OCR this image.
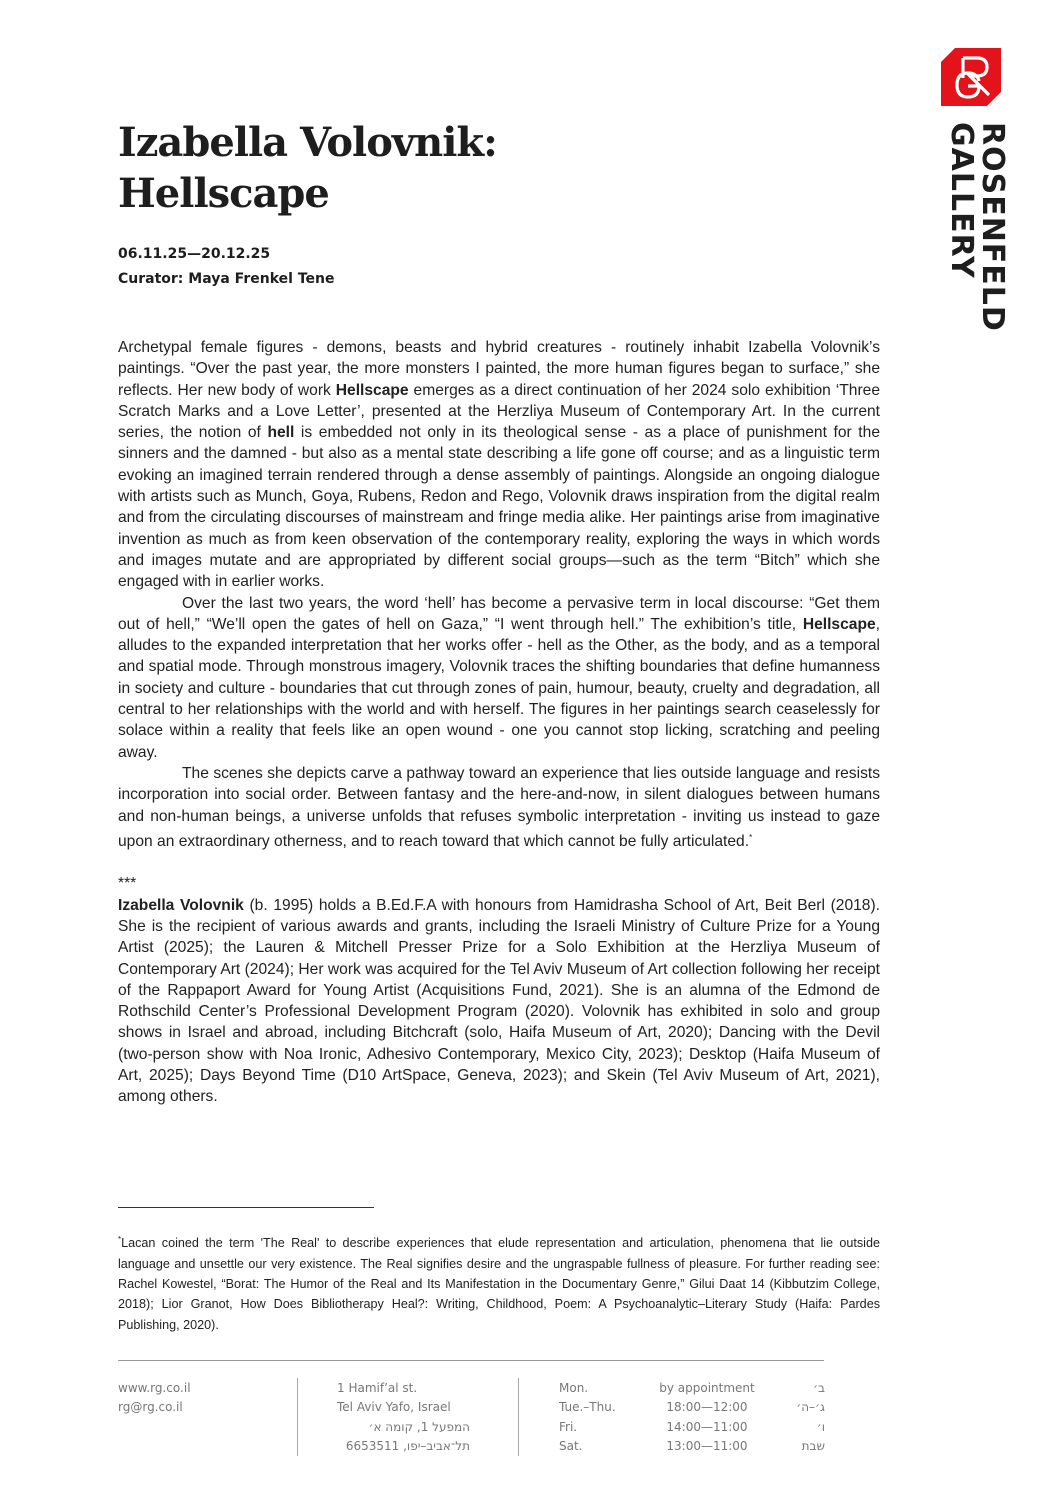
ROSENFELD
GALLERY
Izabella Volovnik:
Hellscape
06.11.25—20.12.25
Curator: Maya Frenkel Tene

Archetypal female figures - demons, beasts and hybrid creatures - routinely inhabit Izabella Volovnik’s paintings. “Over the past year, the more monsters I painted, the more human figures began to surface,” she reflects. Her new body of work Hellscape emerges as a direct continuation of her 2024 solo exhibition ‘Three Scratch Marks and a Love Letter’, presented at the Herzliya Museum of Contemporary Art. In the current series, the notion of hell is embedded not only in its theological sense - as a place of punishment for the sinners and the damned - but also as a mental state describing a life gone off course; and as a linguistic term evoking an imagined terrain rendered through a dense assembly of paintings. Alongside an ongoing dialogue with artists such as Munch, Goya, Rubens, Redon and Rego, Volovnik draws inspiration from the digital realm and from the circulating discourses of mainstream and fringe media alike. Her paintings arise from imaginative invention as much as from keen observation of the contemporary reality, exploring the ways in which words and images mutate and are appropriated by different social groups—such as the term “Bitch” which she engaged with in earlier works.

Over the last two years, the word ‘hell’ has become a pervasive term in local discourse: “Get them out of hell,” “We’ll open the gates of hell on Gaza,” “I went through hell.” The exhibition’s title, Hellscape, alludes to the expanded interpretation that her works offer - hell as the Other, as the body, and as a temporal and spatial mode. Through monstrous imagery, Volovnik traces the shifting boundaries that define humanness in society and culture - boundaries that cut through zones of pain, humour, beauty, cruelty and degradation, all central to her relationships with the world and with herself. The figures in her paintings search ceaselessly for solace within a reality that feels like an open wound - one you cannot stop licking, scratching and peeling away.

The scenes she depicts carve a pathway toward an experience that lies outside language and resists incorporation into social order. Between fantasy and the here-and-now, in silent dialogues between humans and non‑human beings, a universe unfolds that refuses symbolic interpretation - inviting us instead to gaze upon an extraordinary otherness, and to reach toward that which cannot be fully articulated.*

***

Izabella Volovnik (b. 1995) holds a B.Ed.F.A with honours from Hamidrasha School of Art, Beit Berl (2018). She is the recipient of various awards and grants, including the Israeli Ministry of Culture Prize for a Young Artist (2025); the Lauren & Mitchell Presser Prize for a Solo Exhibition at the Herzliya Museum of Contemporary Art (2024); Her work was acquired for the Tel Aviv Museum of Art collection following her receipt of the Rappaport Award for Young Artist (Acquisitions Fund, 2021). She is an alumna of the Edmond de Rothschild Center’s Professional Development Program (2020). Volovnik has exhibited in solo and group shows in Israel and abroad, including Bitchcraft (solo, Haifa Museum of Art, 2020); Dancing with the Devil (two-person show with Noa Ironic, Adhesivo Contemporary, Mexico City, 2023); Desktop (Haifa Museum of Art, 2025); Days Beyond Time (D10 ArtSpace, Geneva, 2023); and Skein (Tel Aviv Museum of Art, 2021), among others.

*Lacan coined the term 'The Real' to describe experiences that elude representation and articulation, phenomena that lie outside language and unsettle our very existence. The Real signifies desire and the ungraspable fullness of pleasure. For further reading see: Rachel Kowestel, “Borat: The Humor of the Real and Its Manifestation in the Documentary Genre,” Gilui Daat 14 (Kibbutzim College, 2018); Lior Granot, How Does Bibliotherapy Heal?: Writing, Childhood, Poem: A Psychoanalytic–Literary Study (Haifa: Pardes Publishing, 2020).
www.rg.co.il
rg@rg.co.il
1 Hamif’al st.
Tel Aviv Yafo, Israel
המפעל 1, קומה א׳
תל־אביב–יפו, 6653511
Mon.	by appointment	ב׳
Tue.–Thu.	18:00—12:00	ג׳–ה׳
Fri.	14:00—11:00	ו׳
Sat.	13:00—11:00	שבת
